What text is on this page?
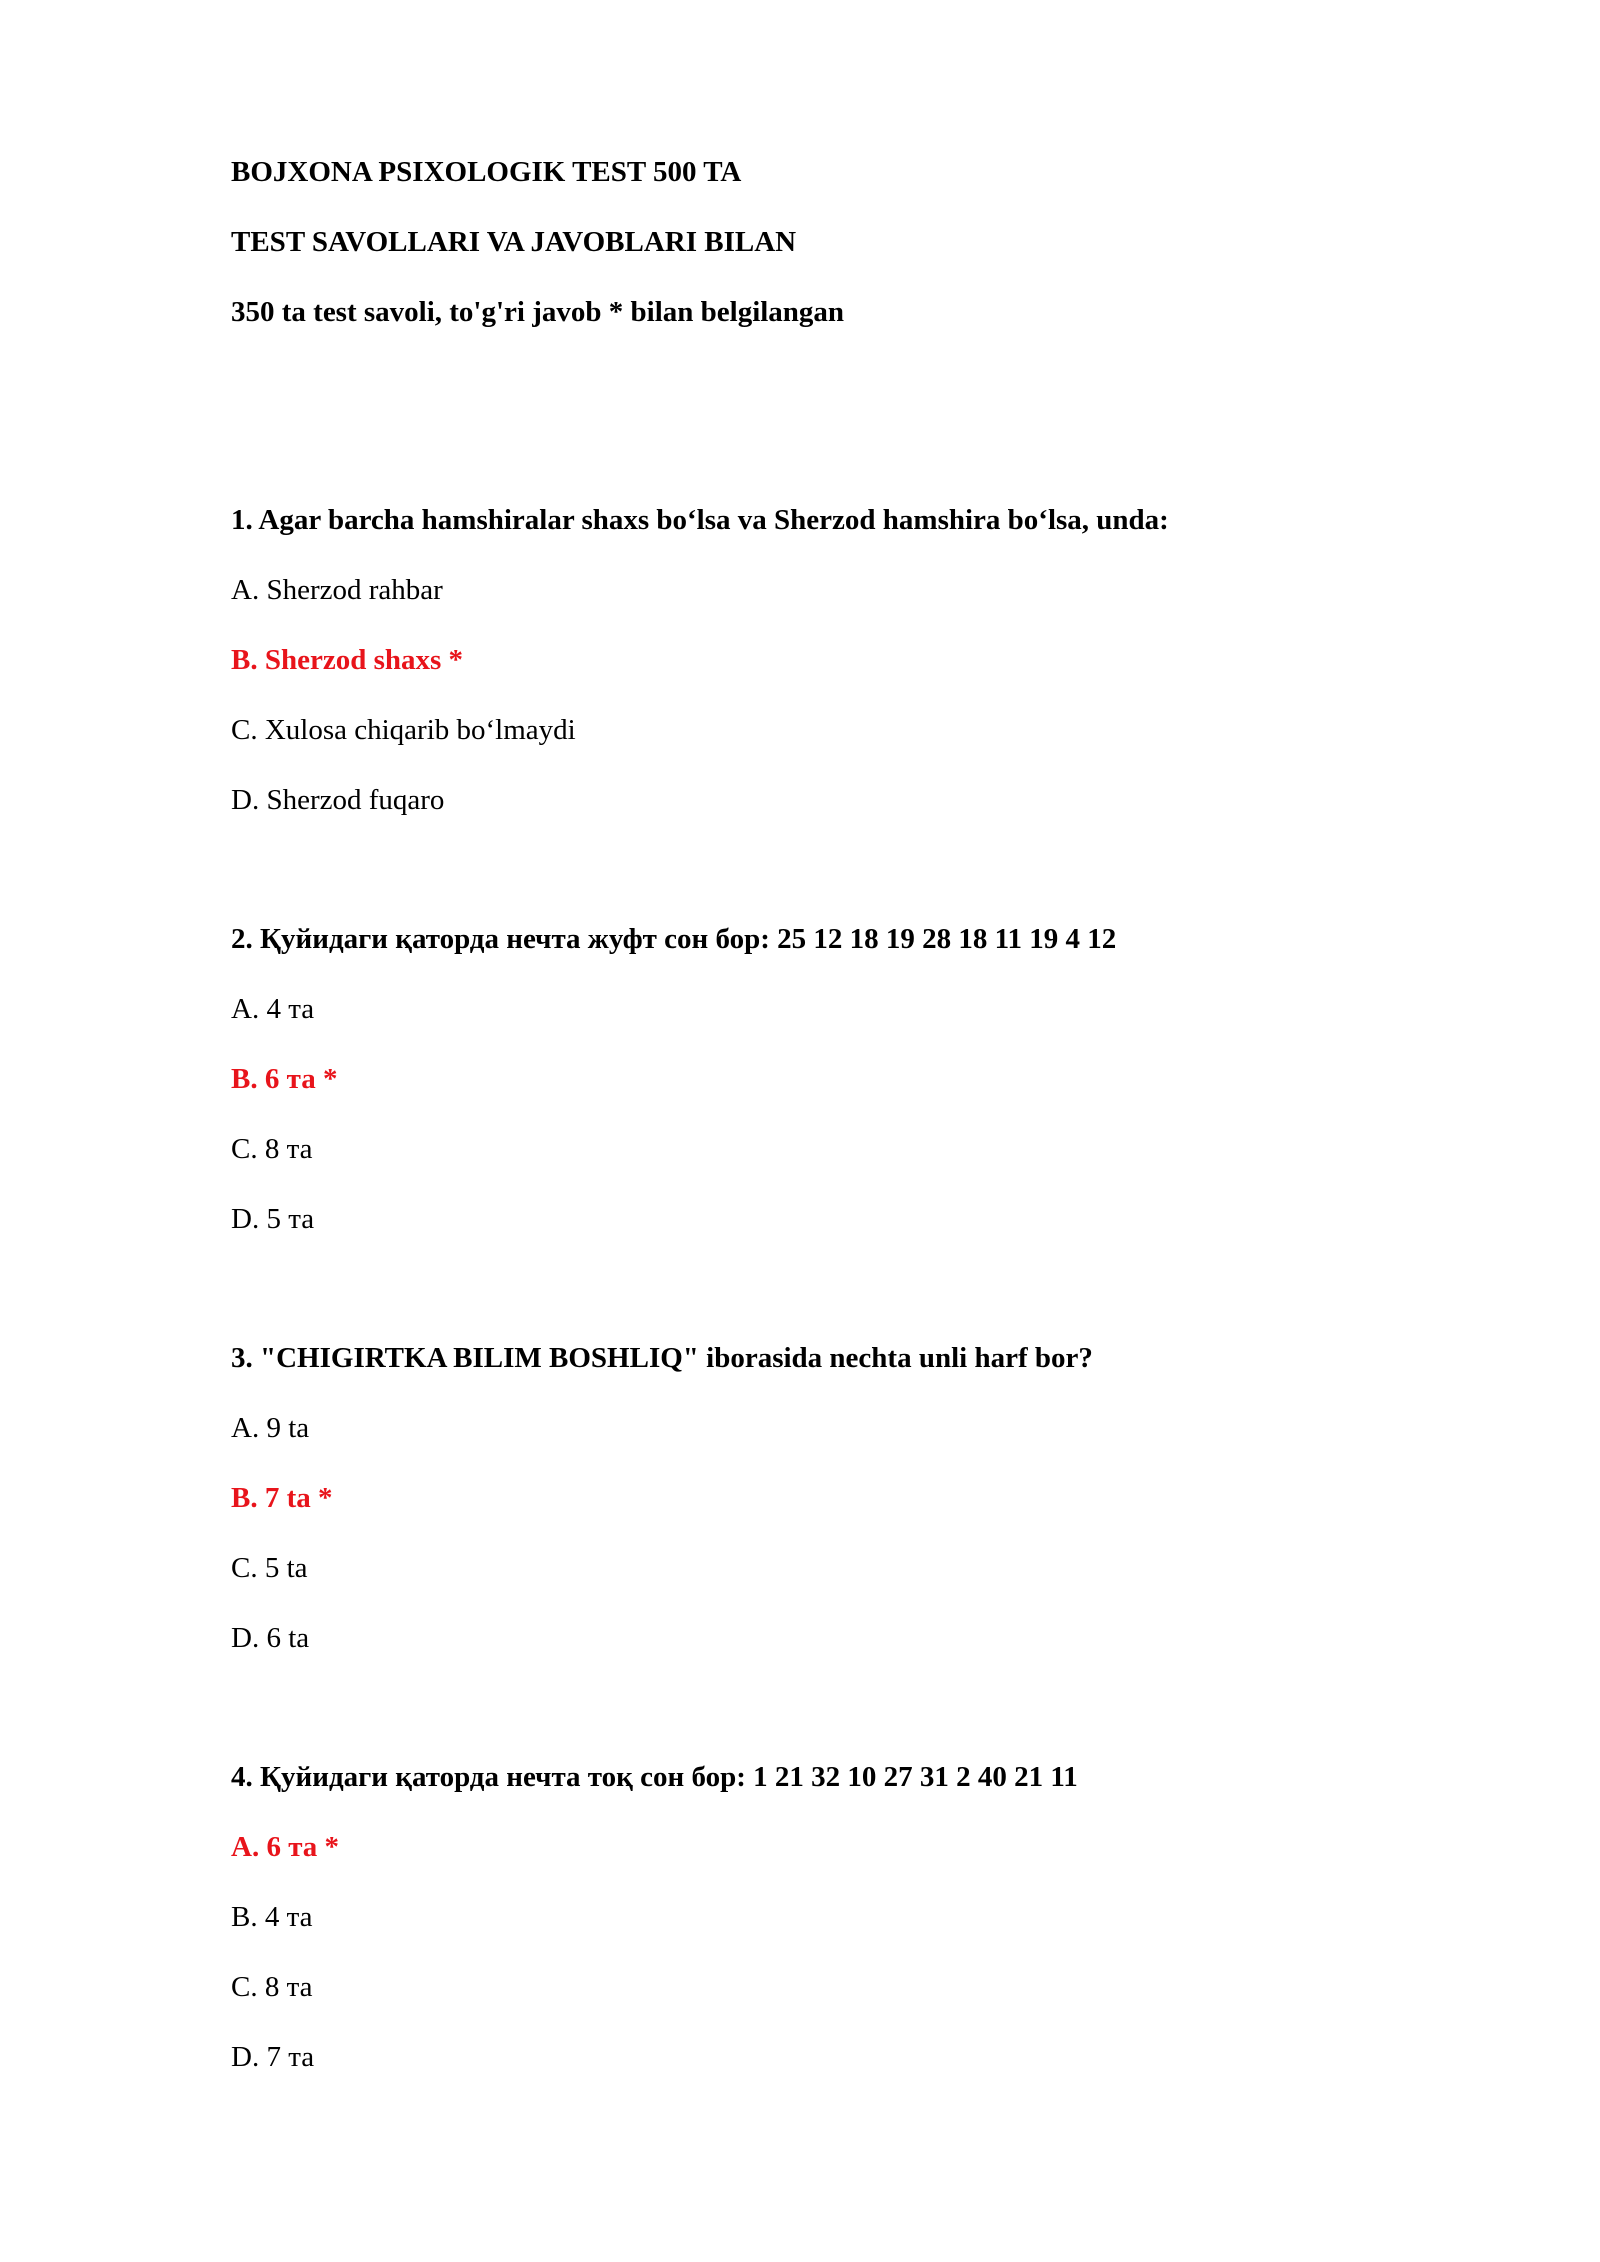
BOJXONA PSIXOLOGIK TEST 500 TA
TEST SAVOLLARI VA JAVOBLARI BILAN
350 ta test savoli, to'g'ri javob * bilan belgilangan
1. Agar barcha hamshiralar shaxs boʻlsa va Sherzod hamshira boʻlsa, unda:
A. Sherzod rahbar
B. Sherzod shaxs *
C. Xulosa chiqarib boʻlmaydi
D. Sherzod fuqaro
2. Қуйидаги қаторда нечта жуфт сон бор: 25 12 18 19 28 18 11 19 4 12
A. 4 та
B. 6 та *
C. 8 та
D. 5 та
3. "CHIGIRTKA BILIM BOSHLIQ" iborasida nechta unli harf bor?
A. 9 ta
B. 7 ta *
C. 5 ta
D. 6 ta
4. Қуйидаги қаторда нечта тоқ сон бор: 1 21 32 10 27 31 2 40 21 11
A. 6 та *
B. 4 та
C. 8 та
D. 7 та
